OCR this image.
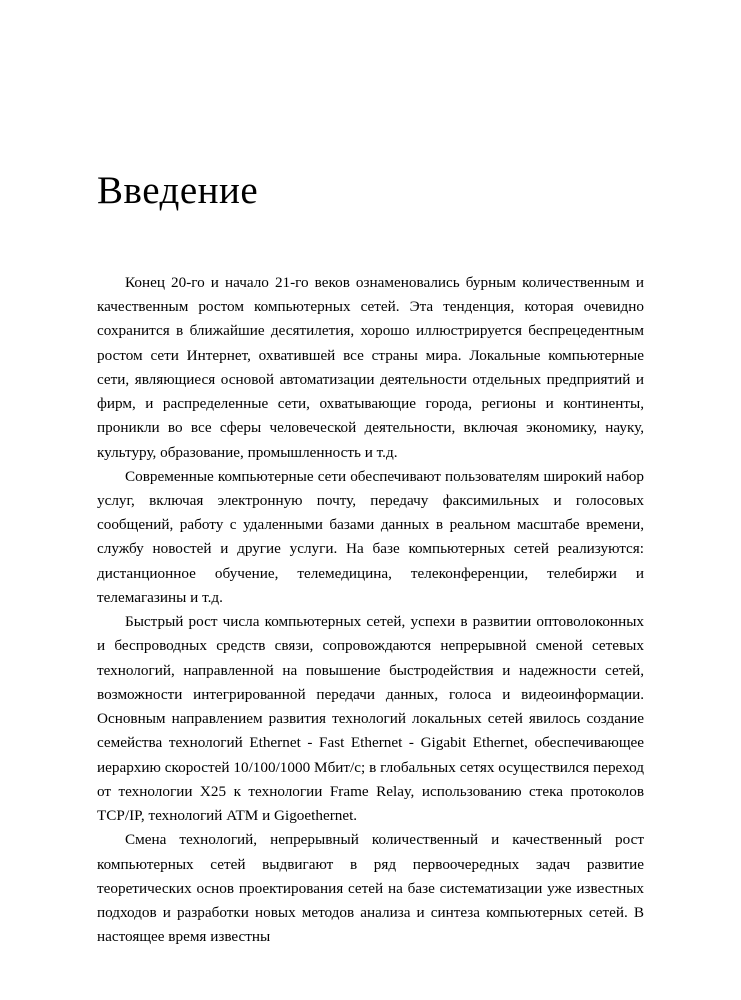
Введение

Конец 20-го и начало 21-го веков ознаменовались бурным количественным и качественным ростом компьютерных сетей. Эта тенденция, которая очевидно сохранится в ближайшие десятилетия, хорошо иллюстрируется беспрецедентным ростом сети Интернет, охватившей все страны мира. Локальные компьютерные сети, являющиеся основой автоматизации деятельности отдельных предприятий и фирм, и распределенные сети, охватывающие города, регионы и континенты, проникли во все сферы человеческой деятельности, включая экономику, науку, культуру, образование, промышленность и т.д.

Современные компьютерные сети обеспечивают пользователям широкий набор услуг, включая электронную почту, передачу факсимильных и голосовых сообщений, работу с удаленными базами данных в реальном масштабе времени, службу новостей и другие услуги. На базе компьютерных сетей реализуются: дистанционное обучение, телемедицина, телеконференции, телебиржи и телемагазины и т.д.

Быстрый рост числа компьютерных сетей, успехи в развитии оптоволоконных и беспроводных средств связи, сопровождаются непрерывной сменой сетевых технологий, направленной на повышение быстродействия и надежности сетей, возможности интегрированной передачи данных, голоса и видеоинформации. Основным направлением развития технологий локальных сетей явилось создание семейства технологий Ethernet - Fast Ethernet - Gigabit Ethernet, обеспечивающее иерархию скоростей 10/100/1000 Мбит/с; в глобальных сетях осуществился переход от технологии X25 к технологии Frame Relay, использованию стека протоколов TCP/IP, технологий ATM и Gigoethernet.

Смена технологий, непрерывный количественный и качественный рост компьютерных сетей выдвигают в ряд первоочередных задач развитие теоретических основ проектирования сетей на базе систематизации уже известных подходов и разработки новых методов анализа и синтеза компьютерных сетей. В настоящее время известны
